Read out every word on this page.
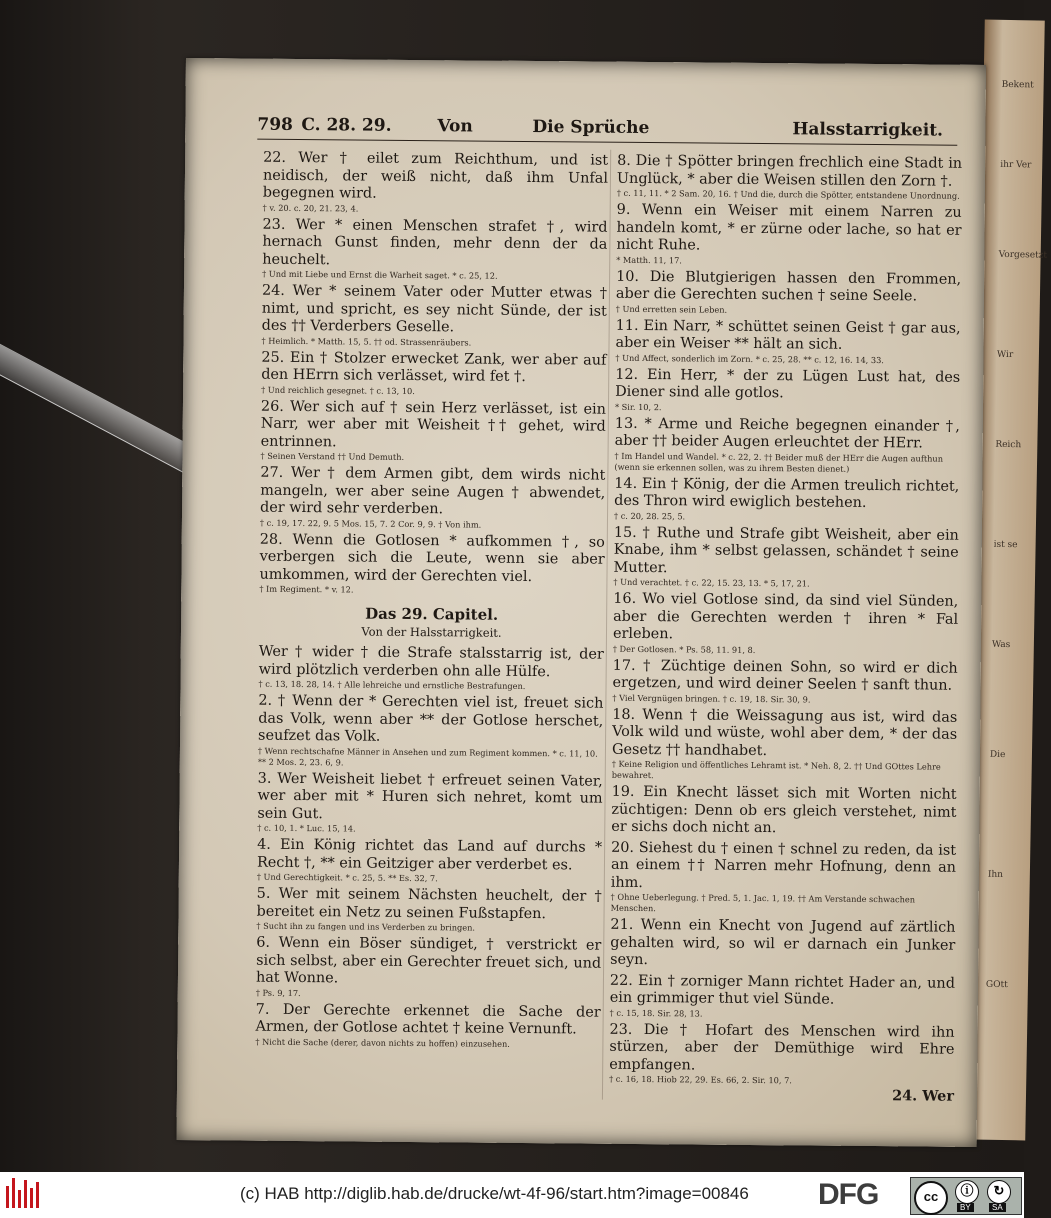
Bekent
ihr Ver
Vorgesetzt
Wir
Reich
ist se
Was
Die
Ihn
GOtt
798 C. 28. 29.	Von	Die Sprüche	Halsstarrigkeit.

22. Wer † eilet zum Reichthum, und ist neidisch, der weiß nicht, daß ihm Unfal begegnen wird.

† v. 20. c. 20, 21. 23, 4.

23. Wer * einen Menschen strafet †, wird hernach Gunst finden, mehr denn der da heuchelt.

† Und mit Liebe und Ernst die Warheit saget. * c. 25, 12.

24. Wer * seinem Vater oder Mutter etwas † nimt, und spricht, es sey nicht Sünde, der ist des †† Verderbers Geselle.

† Heimlich. * Matth. 15, 5. †† od. Strassenräubers.

25. Ein † Stolzer erwecket Zank, wer aber auf den HErrn sich verlässet, wird fet †.

† Und reichlich gesegnet. † c. 13, 10.

26. Wer sich auf † sein Herz verlässet, ist ein Narr, wer aber mit Weisheit †† gehet, wird entrinnen.

† Seinen Verstand †† Und Demuth.

27. Wer † dem Armen gibt, dem wirds nicht mangeln, wer aber seine Augen † abwendet, der wird sehr verderben.

† c. 19, 17. 22, 9. 5 Mos. 15, 7. 2 Cor. 9, 9. † Von ihm.

28. Wenn die Gotlosen * aufkommen †, so verbergen sich die Leute, wenn sie aber umkommen, wird der Gerechten viel.

† Im Regiment. * v. 12.

Das 29. Capitel.

Von der Halsstarrigkeit.

Wer † wider † die Strafe stalsstarrig ist, der wird plötzlich verderben ohn alle Hülfe.

† c. 13, 18. 28, 14. † Alle lehreiche und ernstliche Bestrafungen.

2. † Wenn der * Gerechten viel ist, freuet sich das Volk, wenn aber ** der Gotlose herschet, seufzet das Volk.

† Wenn rechtschafne Männer in Ansehen und zum Regiment kommen. * c. 11, 10. ** 2 Mos. 2, 23. 6, 9.

3. Wer Weisheit liebet † erfreuet seinen Vater, wer aber mit * Huren sich nehret, komt um sein Gut.

† c. 10, 1. * Luc. 15, 14.

4. Ein König richtet das Land auf durchs * Recht †, ** ein Geitziger aber verderbet es.

† Und Gerechtigkeit. * c. 25, 5. ** Es. 32, 7.

5. Wer mit seinem Nächsten heuchelt, der † bereitet ein Netz zu seinen Fußstapfen.

† Sucht ihn zu fangen und ins Verderben zu bringen.

6. Wenn ein Böser sündiget, † verstrickt er sich selbst, aber ein Gerechter freuet sich, und hat Wonne.

† Ps. 9, 17.

7. Der Gerechte erkennet die Sache der Armen, der Gotlose achtet † keine Vernunft.

† Nicht die Sache (derer, davon nichts zu hoffen) einzusehen.

8. Die † Spötter bringen frechlich eine Stadt in Unglück, * aber die Weisen stillen den Zorn †.

† c. 11, 11. * 2 Sam. 20, 16. † Und die, durch die Spötter, entstandene Unordnung.

9. Wenn ein Weiser mit einem Narren zu handeln komt, * er zürne oder lache, so hat er nicht Ruhe.

* Matth. 11, 17.

10. Die Blutgierigen hassen den Frommen, aber die Gerechten suchen † seine Seele.

† Und erretten sein Leben.

11. Ein Narr, * schüttet seinen Geist † gar aus, aber ein Weiser ** hält an sich.

† Und Affect, sonderlich im Zorn. * c. 25, 28. ** c. 12, 16. 14, 33.

12. Ein Herr, * der zu Lügen Lust hat, des Diener sind alle gotlos.

* Sir. 10, 2.

13. * Arme und Reiche begegnen einander †, aber †† beider Augen erleuchtet der HErr.

† Im Handel und Wandel. * c. 22, 2. †† Beider muß der HErr die Augen aufthun (wenn sie erkennen sollen, was zu ihrem Besten dienet.)

14. Ein † König, der die Armen treulich richtet, des Thron wird ewiglich bestehen.

† c. 20, 28. 25, 5.

15. † Ruthe und Strafe gibt Weisheit, aber ein Knabe, ihm * selbst gelassen, schändet † seine Mutter.

† Und verachtet. † c. 22, 15. 23, 13. * 5, 17, 21.

16. Wo viel Gotlose sind, da sind viel Sünden, aber die Gerechten werden † ihren * Fal erleben.

† Der Gotlosen. * Ps. 58, 11. 91, 8.

17. † Züchtige deinen Sohn, so wird er dich ergetzen, und wird deiner Seelen † sanft thun.

† Viel Vergnügen bringen. † c. 19, 18. Sir. 30, 9.

18. Wenn † die Weissagung aus ist, wird das Volk wild und wüste, wohl aber dem, * der das Gesetz †† handhabet.

† Keine Religion und öffentliches Lehramt ist. * Neh. 8, 2. †† Und GOttes Lehre bewahret.

19. Ein Knecht lässet sich mit Worten nicht züchtigen: Denn ob ers gleich verstehet, nimt er sichs doch nicht an.

20. Siehest du † einen † schnel zu reden, da ist an einem †† Narren mehr Hofnung, denn an ihm.

† Ohne Ueberlegung. † Pred. 5, 1. Jac. 1, 19. †† Am Verstande schwachen Menschen.

21. Wenn ein Knecht von Jugend auf zärtlich gehalten wird, so wil er darnach ein Junker seyn.

22. Ein † zorniger Mann richtet Hader an, und ein grimmiger thut viel Sünde.

† c. 15, 18. Sir. 28, 13.

23. Die † Hofart des Menschen wird ihn stürzen, aber der Demüthige wird Ehre empfangen.

† c. 16, 18. Hiob 22, 29. Es. 66, 2. Sir. 10, 7.

24. Wer

(c) HAB http://diglib.hab.de/drucke/wt-4f-96/start.htm?image=00846 DFG	cc	ⓘ	↻
BY	SA
